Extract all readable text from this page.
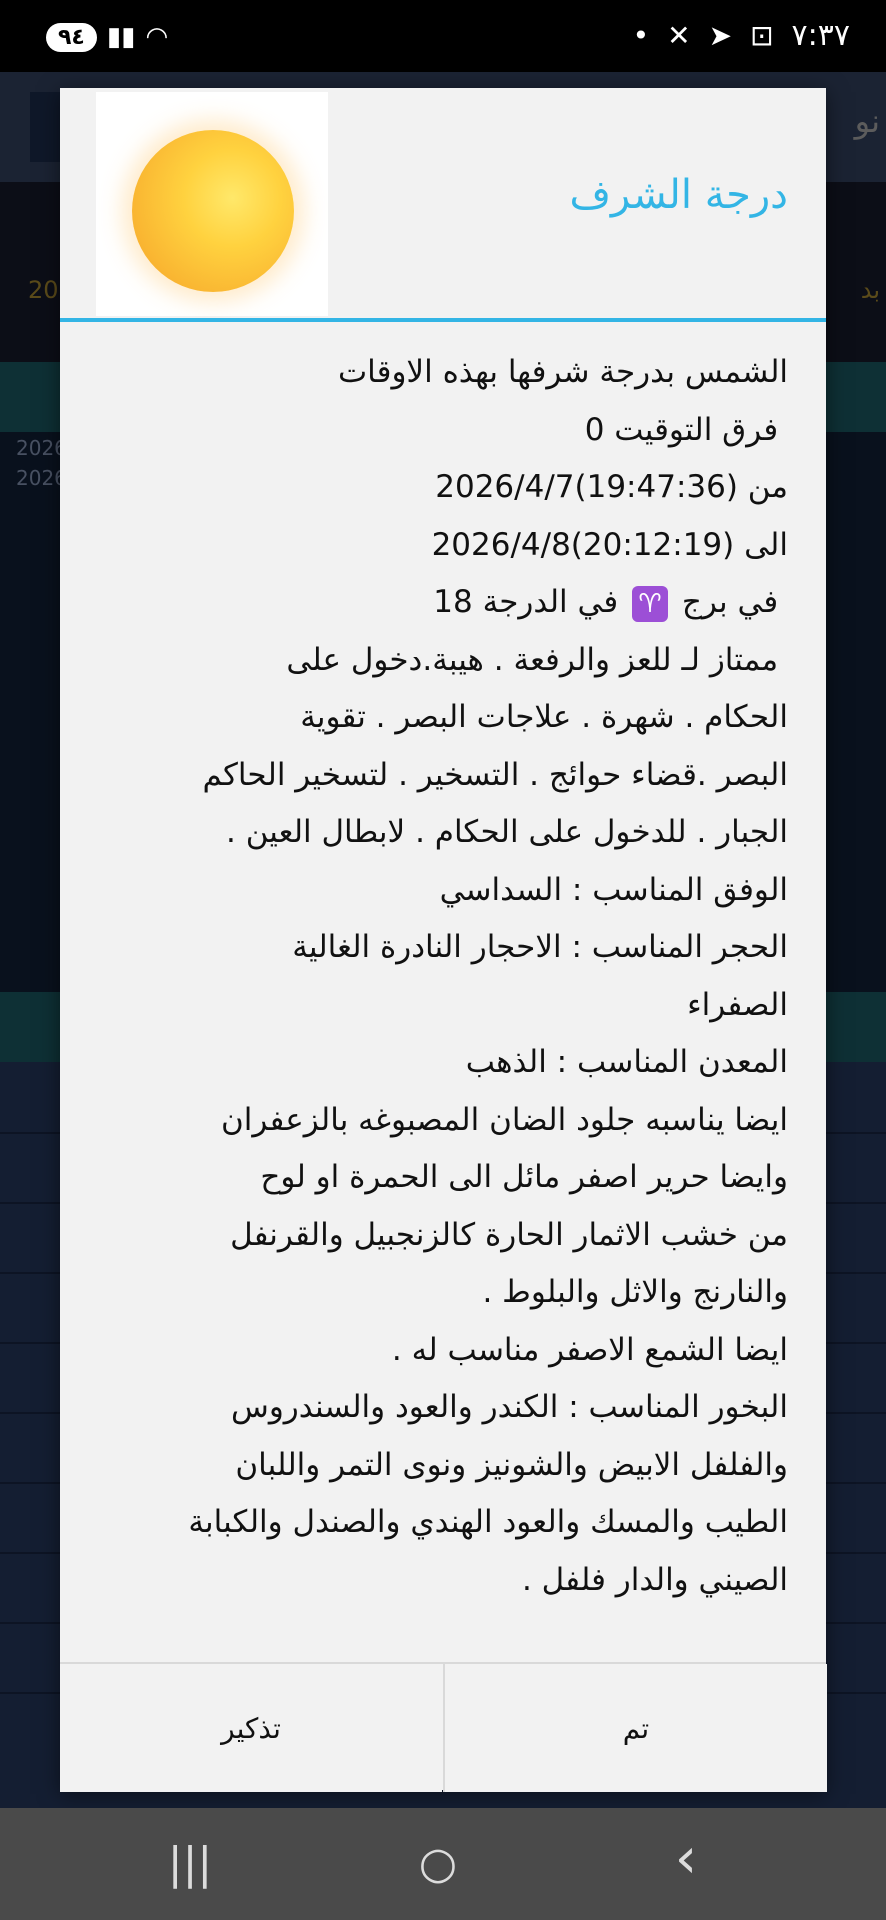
٩٤ ▮▮ ◠	• ✕ ➤ ⊡ ٧:٣٧
درجة الشرف
الشمس بدرجة شرفها بهذه الاوقات
فرق التوقيت 0
من (19:47:36)2026/4/7
الى (20:12:19)2026/4/8
في برج ♈ في الدرجة 18
ممتاز لـ للعز والرفعة . هيبة.دخول على
الحكام . شهرة . علاجات البصر . تقوية
البصر .قضاء حوائج . التسخير . لتسخير الحاكم
الجبار . للدخول على الحكام . لابطال العين .
الوفق المناسب : السداسي
الحجر المناسب : الاحجار النادرة الغالية
الصفراء
المعدن المناسب : الذهب
ايضا يناسبه جلود الضان المصبوغه بالزعفران
وايضا حرير اصفر مائل الى الحمرة او لوح
من خشب الاثمار الحارة كالزنجبيل والقرنفل
والنارنج والاثل والبلوط .
ايضا الشمع الاصفر مناسب له .
البخور المناسب : الكندر والعود والسندروس
والفلفل الابيض والشونيز ونوى التمر واللبان
الطيب والمسك والعود الهندي والصندل والكبابة
الصيني والدار فلفل .
تذكير	تم
|||	○	‹
